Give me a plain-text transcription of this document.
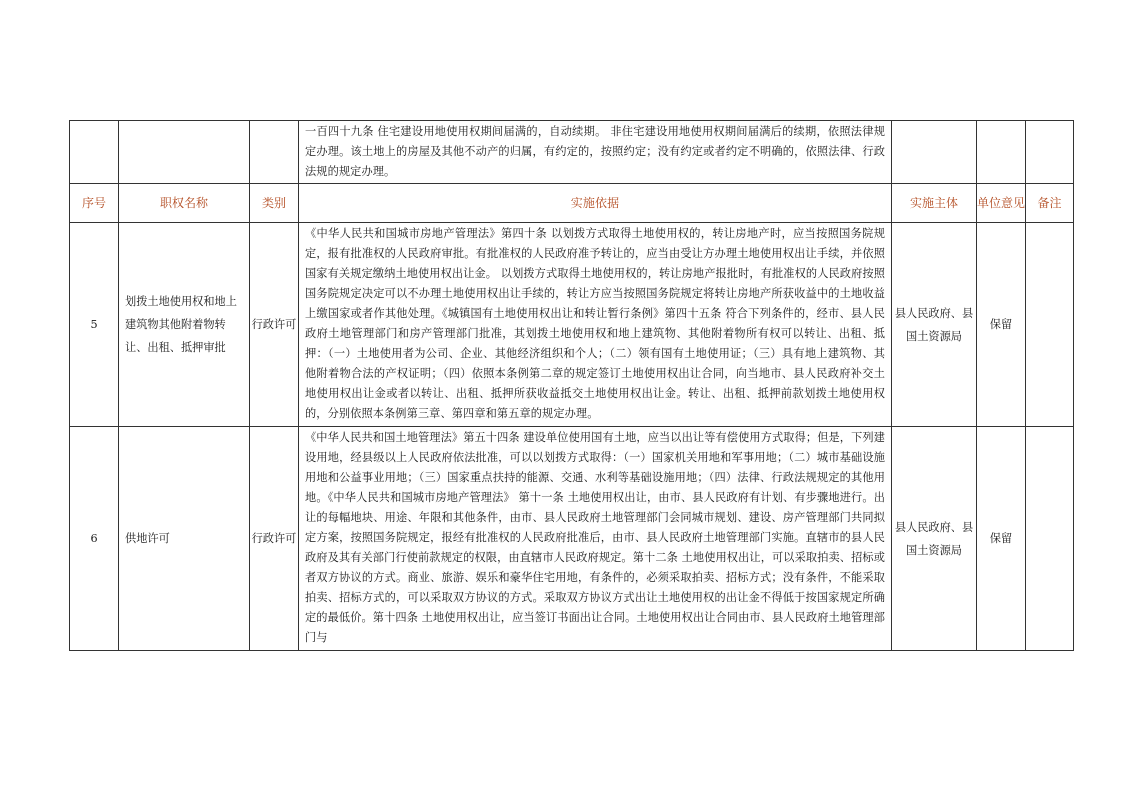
			一百四十九条 住宅建设用地使用权期间届满的，自动续期。 非住宅建设用地使用权期间届满后的续期，依照法律规定办理。该土地上的房屋及其他不动产的归属，有约定的，按照约定；没有约定或者约定不明确的，依照法律、行政法规的规定办理。			
序号	职权名称	类别	实施依据	实施主体	单位意见	备注
5	划拨土地使用权和地上建筑物其他附着物转让、出租、抵押审批	行政许可	《中华人民共和国城市房地产管理法》第四十条 以划拨方式取得土地使用权的，转让房地产时，应当按照国务院规定，报有批准权的人民政府审批。有批准权的人民政府准予转让的，应当由受让方办理土地使用权出让手续，并依照国家有关规定缴纳土地使用权出让金。 以划拨方式取得土地使用权的，转让房地产报批时，有批准权的人民政府按照国务院规定决定可以不办理土地使用权出让手续的，转让方应当按照国务院规定将转让房地产所获收益中的土地收益上缴国家或者作其他处理。《城镇国有土地使用权出让和转让暂行条例》第四十五条 符合下列条件的，经市、县人民政府土地管理部门和房产管理部门批准，其划拨土地使用权和地上建筑物、其他附着物所有权可以转让、出租、抵押：（一）土地使用者为公司、企业、其他经济组织和个人；（二）领有国有土地使用证；（三）具有地上建筑物、其他附着物合法的产权证明；（四）依照本条例第二章的规定签订土地使用权出让合同，向当地市、县人民政府补交土地使用权出让金或者以转让、出租、抵押所获收益抵交土地使用权出让金。转让、出租、抵押前款划拨土地使用权的，分别依照本条例第三章、第四章和第五章的规定办理。	县人民政府、县国土资源局	保留	
6	供地许可	行政许可	《中华人民共和国土地管理法》第五十四条 建设单位使用国有土地，应当以出让等有偿使用方式取得；但是，下列建设用地，经县级以上人民政府依法批准，可以以划拨方式取得：（一）国家机关用地和军事用地；（二）城市基础设施用地和公益事业用地；（三）国家重点扶持的能源、交通、水利等基础设施用地；（四）法律、行政法规规定的其他用地。《中华人民共和国城市房地产管理法》 第十一条 土地使用权出让，由市、县人民政府有计划、有步骤地进行。出让的每幅地块、用途、年限和其他条件，由市、县人民政府土地管理部门会同城市规划、建设、房产管理部门共同拟定方案，按照国务院规定，报经有批准权的人民政府批准后，由市、县人民政府土地管理部门实施。直辖市的县人民政府及其有关部门行使前款规定的权限，由直辖市人民政府规定。第十二条 土地使用权出让，可以采取拍卖、招标或者双方协议的方式。商业、旅游、娱乐和豪华住宅用地，有条件的，必须采取拍卖、招标方式；没有条件，不能采取拍卖、招标方式的，可以采取双方协议的方式。采取双方协议方式出让土地使用权的出让金不得低于按国家规定所确定的最低价。第十四条 土地使用权出让，应当签订书面出让合同。土地使用权出让合同由市、县人民政府土地管理部门与	县人民政府、县国土资源局	保留	
